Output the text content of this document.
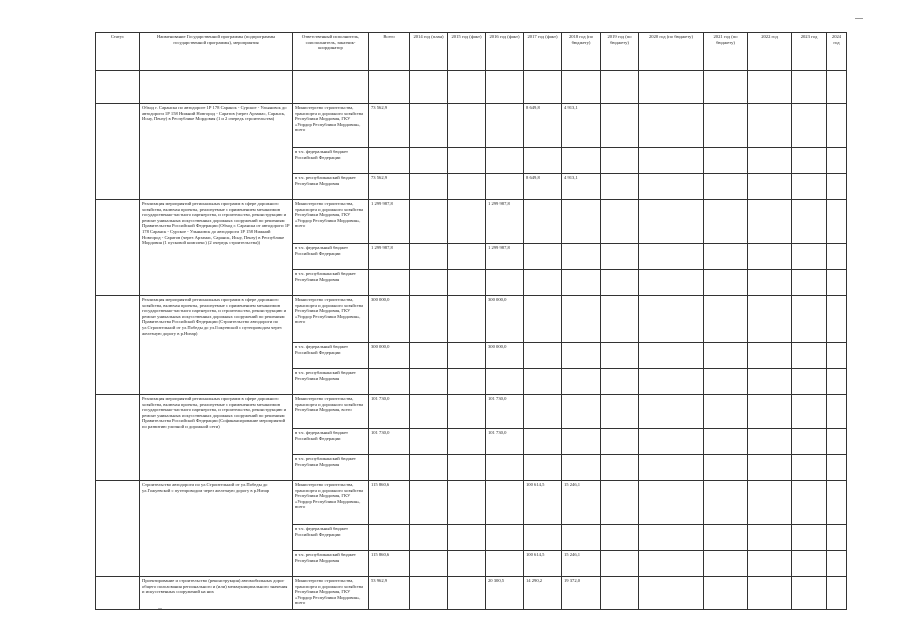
Статус	Наименование Государственной программы (подпрограммы государственной программы), мероприятия	Ответственный исполнитель, соисполнитель, заказчик-координатор	Всего	2014 год (план)	2015 год (факт)	2016 год (факт)	2017 год (факт)	2018 год (по бюджету)	2019 год (по бюджету)	2020 год (по бюджету)	2021 год (по бюджету)	2022 год	2023 год	2024 год

	Обход г. Саранска по автодороге 1Р 178 Саранск - Сурское - Ульяновск до автодороги 1Р 158 Нижний Новгород - Саратов (через Арзамас, Саранск, Исну, Пензу) в Республике Мордовия (1 и 2 очередь строительства)	Министерство строительства, транспорта и дорожного хозяйства Республики Мордовия, ГКУ «Упрдор Республики Мордовия», всего	73 562,9				8 649,8	4 913,1						
		в т.ч. федеральный бюджет Российской Федерации												
		в т.ч. республиканский бюджет Республики Мордовия	73 562,9				8 649,8	4 913,1						
	Реализация мероприятий региональных программ в сфере дорожного хозяйства, включая проекты, реализуемые с применением механизмов государственно-частного партнерства, и строительство, реконструкцию и ремонт уникальных искусственных дорожных сооружений по решениям Правительства Российской Федерации (Обход г. Саранска от автодороги 1Р 178 Саранск - Сурское - Ульяновск до автодороги 1Р 158 Нижний Новгород - Саратов (через Арзамас, Саранск, Исну, Пензу) в Республике Мордовия (1 пусковой комплекс) (2 очередь строительства))	Министерство строительства, транспорта и дорожного хозяйства Республики Мордовия, ГКУ «Упрдор Республики Мордовия», всего	1 299 987,8			1 299 987,8								
		в т.ч. федеральный бюджет Российской Федерации	1 299 987,8			1 299 987,8								
		в т.ч. республиканский бюджет Республики Мордовия												
	Реализация мероприятий региональных программ в сфере дорожного хозяйства, включая проекты, реализуемые с применением механизмов государственно-частного партнерства, и строительство, реконструкцию и ремонт уникальных искусственных дорожных сооружений по решениям Правительства Российской Федерации (Строительство автодороги по ул.Строительной от ул.Победы до ул.Гожуевской с путепроводом через железную дорогу в р.Низар)	Министерство строительства, транспорта и дорожного хозяйства Республики Мордовия, ГКУ «Упрдор Республики Мордовия», всего	300 000,0			300 000,0								
		в т.ч. федеральный бюджет Российской Федерации	300 000,0			300 000,0								
		в т.ч. республиканский бюджет Республики Мордовия												
	Реализация мероприятий региональных программ в сфере дорожного хозяйства, включая проекты, реализуемые с применением механизмов государственно-частного партнерства, и строительство, реконструкцию и ремонт уникальных искусственных дорожных сооружений по решениям Правительства Российской Федерации (Софинансирование мероприятий по развитию уличной и дорожной сети)	Министерство строительства, транспорта и дорожного хозяйства Республики Мордовия, всего	101 730,0			101 730,0								
		в т.ч. федеральный бюджет Российской Федерации	101 730,0			101 730,0								
		в т.ч. республиканский бюджет Республики Мордовия												
	Строительство автодороги по ул.Строительной от ул.Победы до ул.Гожуевской с путепроводом через железную дорогу в р.Низар	Министерство строительства, транспорта и дорожного хозяйства Республики Мордовия, ГКУ «Упрдор Республики Мордовия», всего	115 860,6				100 614,5	15 246,1						
		в т.ч. федеральный бюджет Российской Федерации												
		в т.ч. республиканский бюджет Республики Мордовия	115 860,6				100 614,5	15 246,1						
	Проектирование и строительство (реконструкция) автомобильных дорог общего пользования регионального и (или) межмуниципального значения и искусственных сооружений на них	Министерство строительства, транспорта и дорожного хозяйства Республики Мордовия, ГКУ «Упрдор Республики Мордовия», всего	53 962,9			20 300,5	14 290,2	19 372,0						
